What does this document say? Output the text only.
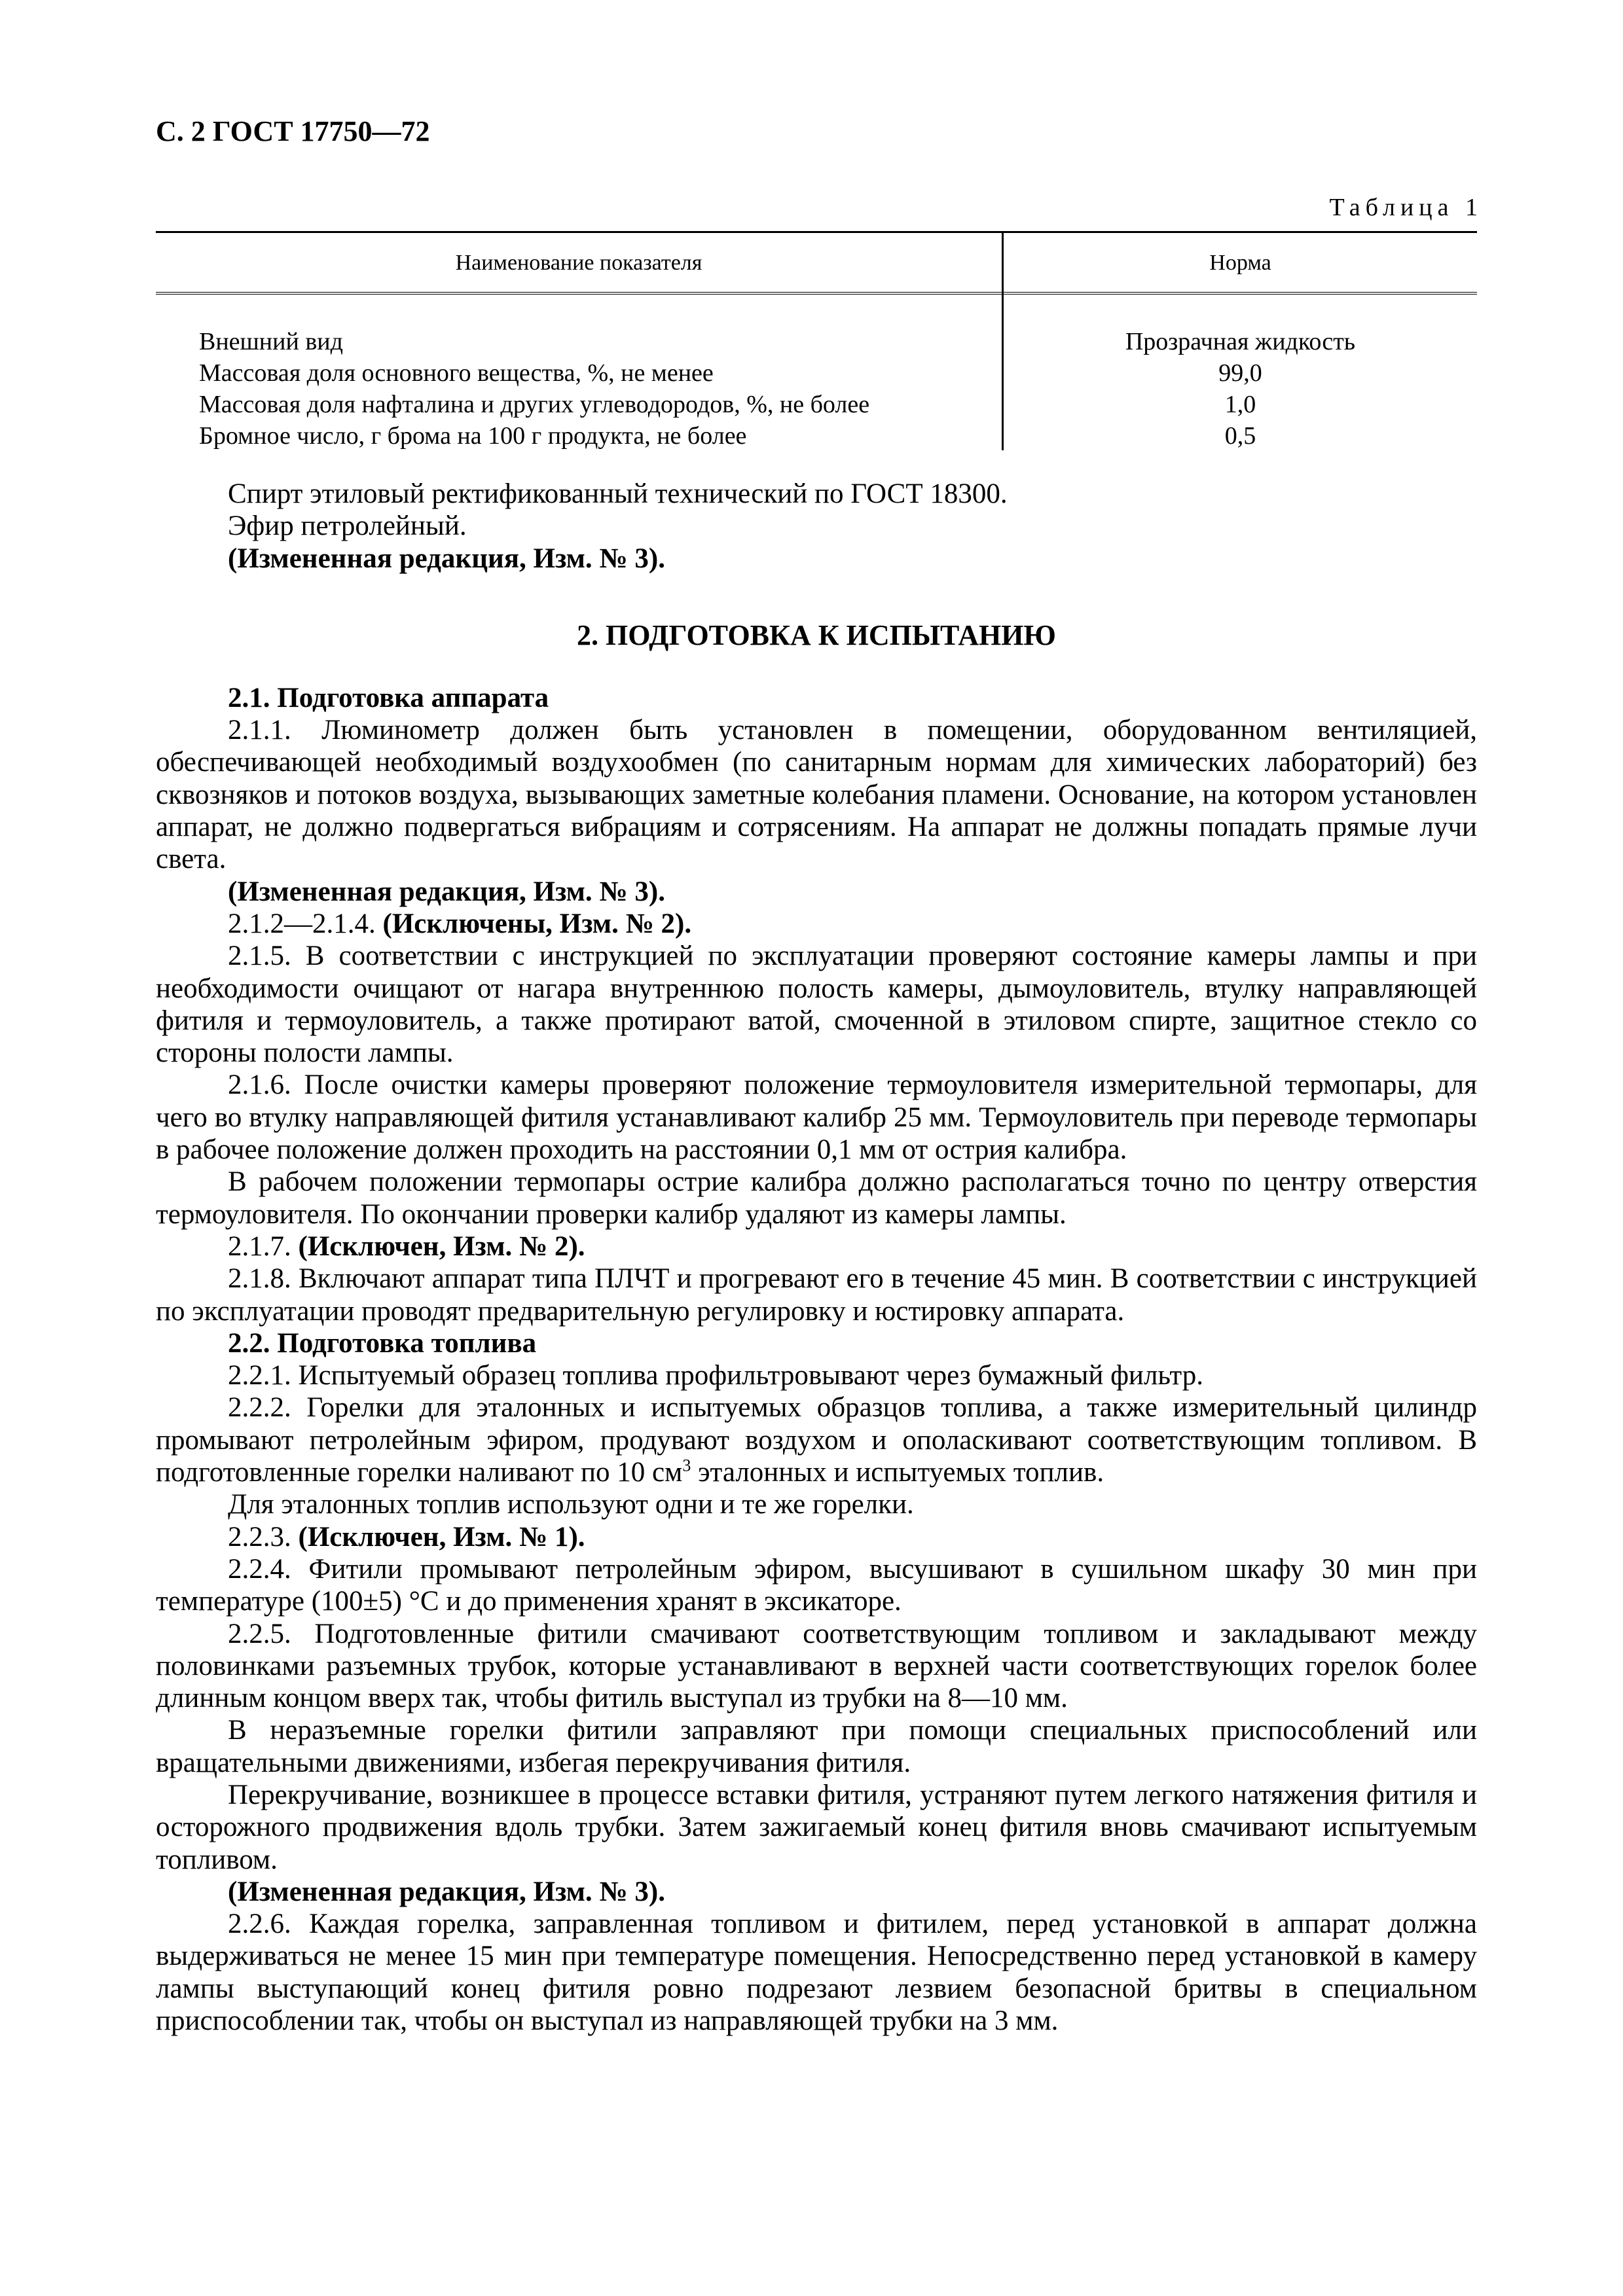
С. 2 ГОСТ 17750—72
Таблица 1
Наименование показателя	Норма
Внешний вид	Прозрачная жидкость
Массовая доля основного вещества, %, не менее	99,0
Массовая доля нафталина и других углеводородов, %, не более	1,0
Бромное число, г брома на 100 г продукта, не более	0,5

Спирт этиловый ректификованный технический по ГОСТ 18300.

Эфир петролейный.

(Измененная редакция, Изм. № 3).

2. ПОДГОТОВКА К ИСПЫТАНИЮ

2.1. Подготовка аппарата

2.1.1. Люминометр должен быть установлен в помещении, оборудованном вентиляцией, обеспечивающей необходимый воздухообмен (по санитарным нормам для химических лабораторий) без сквозняков и потоков воздуха, вызывающих заметные колебания пламени. Основание, на котором установлен аппарат, не должно подвергаться вибрациям и сотрясениям. На аппарат не должны попадать прямые лучи света.

(Измененная редакция, Изм. № 3).

2.1.2—2.1.4. (Исключены, Изм. № 2).

2.1.5. В соответствии с инструкцией по эксплуатации проверяют состояние камеры лампы и при необходимости очищают от нагара внутреннюю полость камеры, дымоуловитель, втулку направляющей фитиля и термоуловитель, а также протирают ватой, смоченной в этиловом спирте, защитное стекло со стороны полости лампы.

2.1.6. После очистки камеры проверяют положение термоуловителя измерительной термопары, для чего во втулку направляющей фитиля устанавливают калибр 25 мм. Термоуловитель при переводе термопары в рабочее положение должен проходить на расстоянии 0,1 мм от острия калибра.

В рабочем положении термопары острие калибра должно располагаться точно по центру отверстия термоуловителя. По окончании проверки калибр удаляют из камеры лампы.

2.1.7. (Исключен, Изм. № 2).

2.1.8. Включают аппарат типа ПЛЧТ и прогревают его в течение 45 мин. В соответствии с инструкцией по эксплуатации проводят предварительную регулировку и юстировку аппарата.

2.2. Подготовка топлива

2.2.1. Испытуемый образец топлива профильтровывают через бумажный фильтр.

2.2.2. Горелки для эталонных и испытуемых образцов топлива, а также измерительный цилиндр промывают петролейным эфиром, продувают воздухом и ополаскивают соответствующим топливом. В подготовленные горелки наливают по 10 $см^3$ эталонных и испытуемых топлив.

Для эталонных топлив используют одни и те же горелки.

2.2.3. (Исключен, Изм. № 1).

2.2.4. Фитили промывают петролейным эфиром, высушивают в сушильном шкафу 30 мин при температуре (100±5) °С и до применения хранят в эксикаторе.

2.2.5. Подготовленные фитили смачивают соответствующим топливом и закладывают между половинками разъемных трубок, которые устанавливают в верхней части соответствующих горелок более длинным концом вверх так, чтобы фитиль выступал из трубки на 8—10 мм.

В неразъемные горелки фитили заправляют при помощи специальных приспособлений или вращательными движениями, избегая перекручивания фитиля.

Перекручивание, возникшее в процессе вставки фитиля, устраняют путем легкого натяжения фитиля и осторожного продвижения вдоль трубки. Затем зажигаемый конец фитиля вновь смачивают испытуемым топливом.

(Измененная редакция, Изм. № 3).

2.2.6. Каждая горелка, заправленная топливом и фитилем, перед установкой в аппарат должна выдерживаться не менее 15 мин при температуре помещения. Непосредственно перед установкой в камеру лампы выступающий конец фитиля ровно подрезают лезвием безопасной бритвы в специальном приспособлении так, чтобы он выступал из направляющей трубки на 3 мм.
